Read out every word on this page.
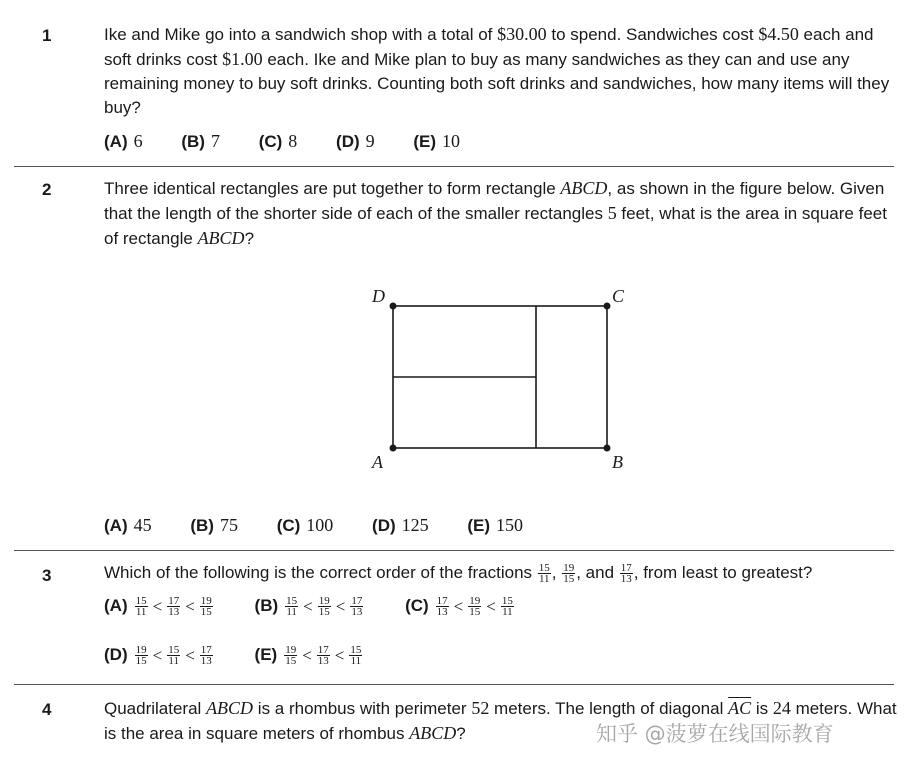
1	Ike and Mike go into a sandwich shop with a total of $30.00 to spend. Sandwiches cost $4.50 each and soft drinks cost $1.00 each. Ike and Mike plan to buy as many sandwiches as they can and use any remaining money to buy soft drinks. Counting both soft drinks and sandwiches, how many items will they buy?
(A) 6 (B) 7 (C) 8 (D) 9 (E) 10
2	Three identical rectangles are put together to form rectangle ABCD, as shown in the figure below. Given that the length of the shorter side of each of the smaller rectangles 5 feet, what is the area in square feet of rectangle ABCD?
D	C
A	B
(A) 45 (B) 75 (C) 100 (D) 125 (E) 150
3	Which of the following is the correct order of the fractions $\frac{15}{11}$ , $\frac{19}{15}$ , and $\frac{17}{13}$ , from least to greatest?
$(A) \frac{15}{11} < \frac{17}{13} < \frac{19}{15} (B) \frac{15}{11} < \frac{19}{15} < \frac{17}{13} (C) \frac{17}{13} < \frac{19}{15} < \frac{15}{11}$
$(D) \frac{19}{15} < \frac{15}{11} < \frac{17}{13} (E) \frac{19}{15} < \frac{17}{13} < \frac{15}{11}$
4	Quadrilateral ABCD is a rhombus with perimeter 52 meters. The length of diagonal $\overline{AC}$ is 24 meters. What is the area in square meters of rhombus ABCD?	知乎 @菠萝在线国际教育
